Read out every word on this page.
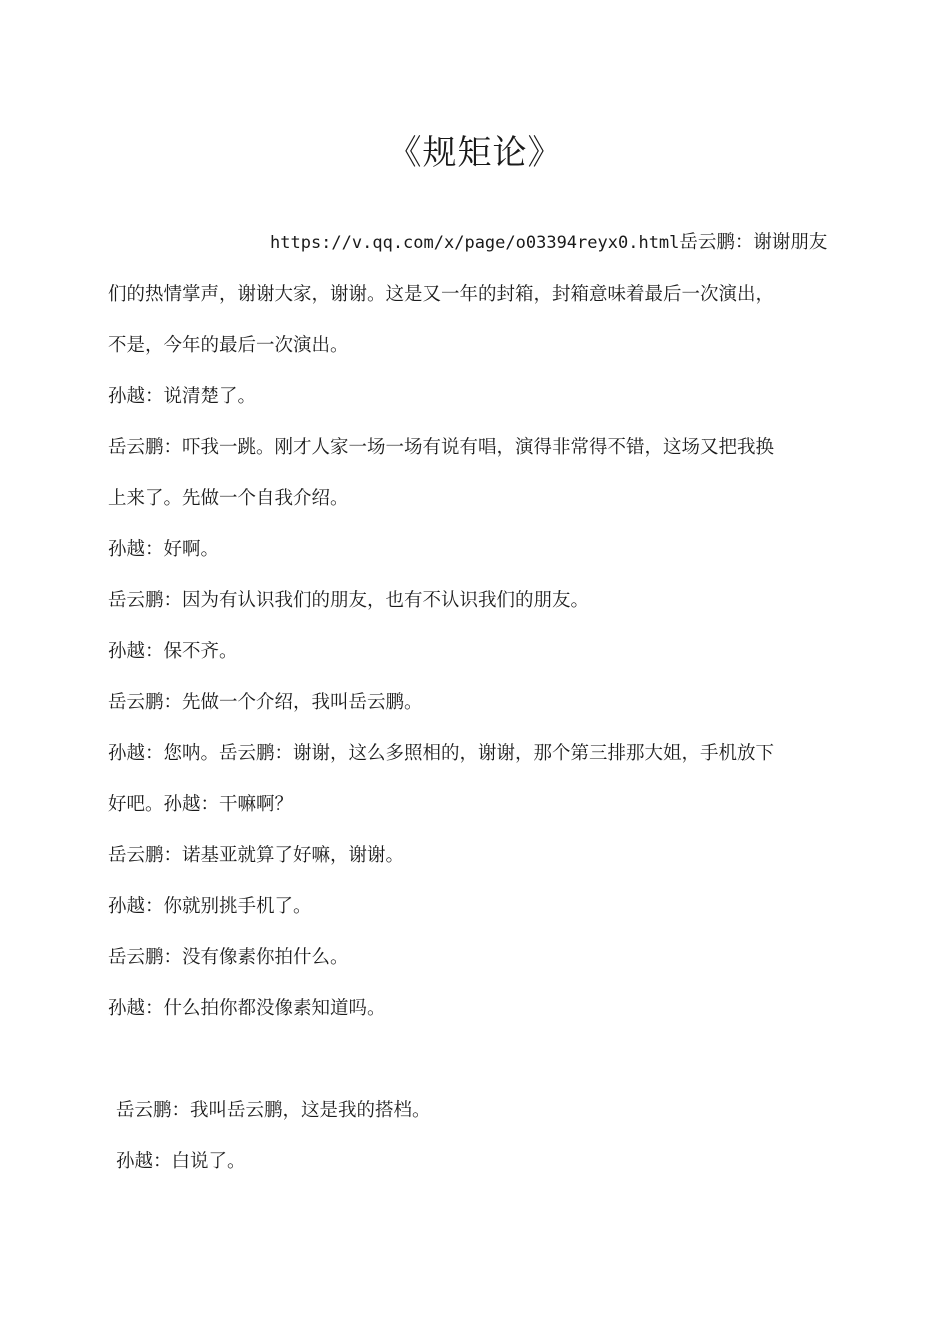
《规矩论》

https://v.qq.com/x/page/o03394reyx0.html岳云鹏：谢谢朋友

们的热情掌声，谢谢大家，谢谢。这是又一年的封箱，封箱意味着最后一次演出，

不是，今年的最后一次演出。

孙越：说清楚了。

岳云鹏：吓我一跳。刚才人家一场一场有说有唱，演得非常得不错，这场又把我换

上来了。先做一个自我介绍。

孙越：好啊。

岳云鹏：因为有认识我们的朋友，也有不认识我们的朋友。

孙越：保不齐。

岳云鹏：先做一个介绍，我叫岳云鹏。

孙越：您呐。岳云鹏：谢谢，这么多照相的，谢谢，那个第三排那大姐，手机放下

好吧。孙越：干嘛啊？

岳云鹏：诺基亚就算了好嘛，谢谢。

孙越：你就别挑手机了。

岳云鹏：没有像素你拍什么。

孙越：什么拍你都没像素知道吗。

岳云鹏：我叫岳云鹏，这是我的搭档。

孙越：白说了。
